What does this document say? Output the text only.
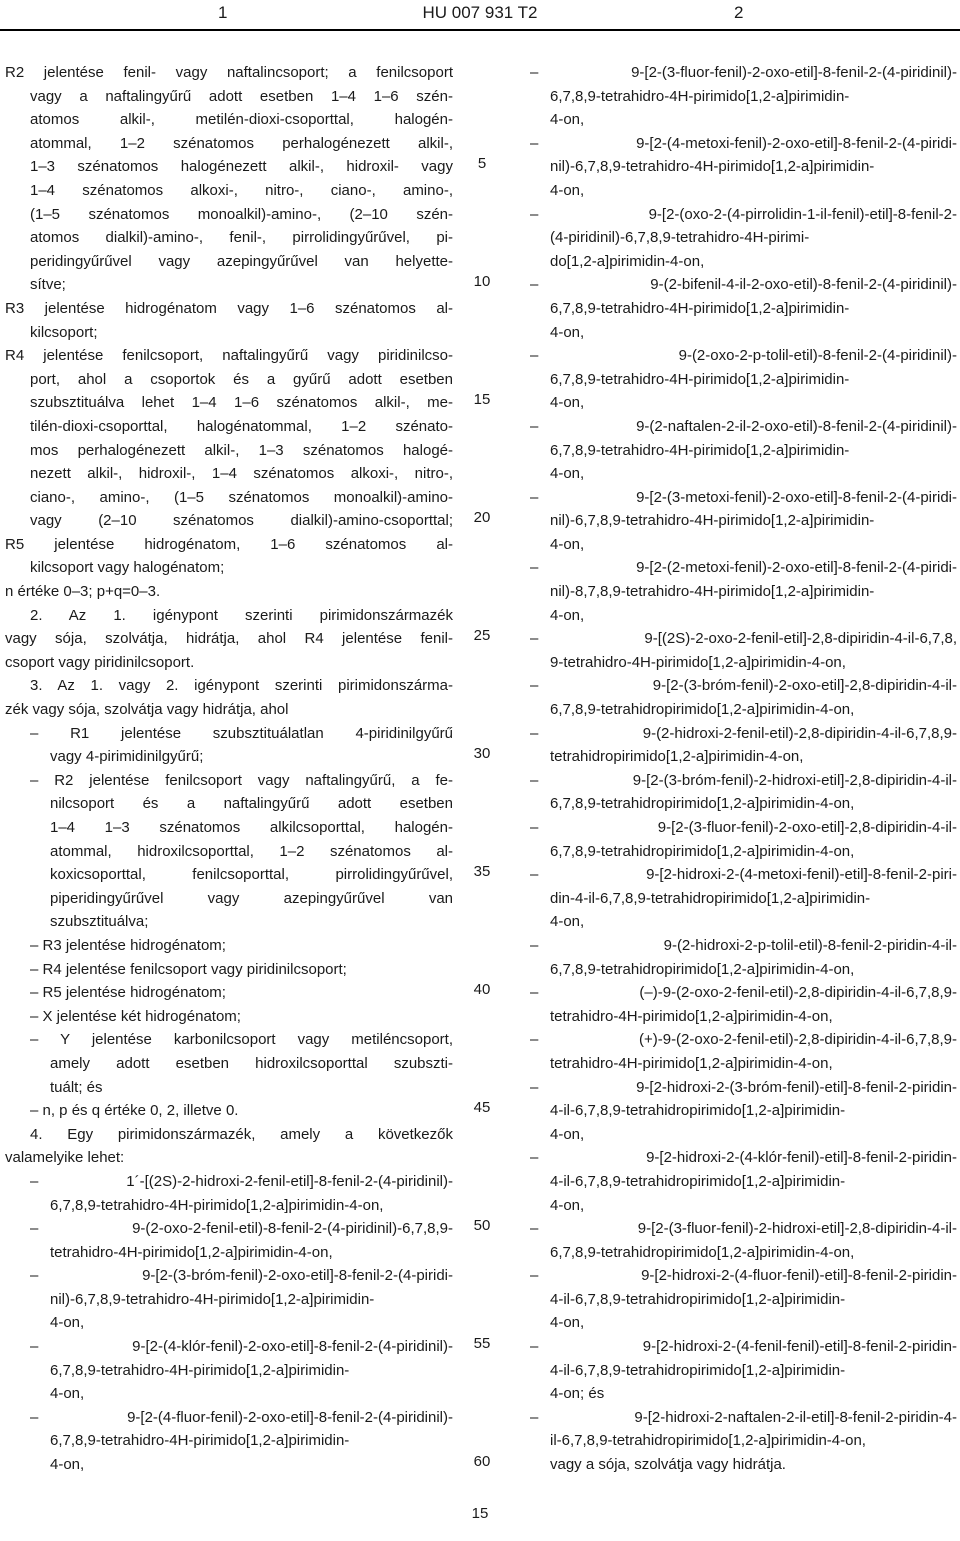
1	HU 007 931 T2	2
R2 jelentése fenil- vagy naftalincsoport; a fenilcsoport
vagy a naftalingyűrű adott esetben 1–4 1–6 szén-
atomos alkil-, metilén-dioxi-csoporttal, halogén-
atommal, 1–2 szénatomos perhalogénezett alkil-,
1–3 szénatomos halogénezett alkil-, hidroxil- vagy
1–4 szénatomos alkoxi-, nitro-, ciano-, amino-,
(1–5 szénatomos monoalkil)-amino-, (2–10 szén-
atomos dialkil)-amino-, fenil-, pirrolidingyűrűvel, pi-
peridingyűrűvel vagy azepingyűrűvel van helyette-
sítve;
R3 jelentése hidrogénatom vagy 1–6 szénatomos al-
kilcsoport;
R4 jelentése fenilcsoport, naftalingyűrű vagy piridinilcso-
port, ahol a csoportok és a gyűrű adott esetben
szubsztituálva lehet 1–4 1–6 szénatomos alkil-, me-
tilén-dioxi-csoporttal, halogénatommal, 1–2 szénato-
mos perhalogénezett alkil-, 1–3 szénatomos halogé-
nezett alkil-, hidroxil-, 1–4 szénatomos alkoxi-, nitro-,
ciano-, amino-, (1–5 szénatomos monoalkil)-amino-
vagy (2–10 szénatomos dialkil)-amino-csoporttal;
R5 jelentése hidrogénatom, 1–6 szénatomos al-
kilcsoport vagy halogénatom;
n értéke 0–3; p+q=0–3.
2. Az 1. igénypont szerinti pirimidonszármazék
vagy sója, szolvátja, hidrátja, ahol R4 jelentése fenil-
csoport vagy piridinilcsoport.
3. Az 1. vagy 2. igénypont szerinti pirimidonszárma-
zék vagy sója, szolvátja vagy hidrátja, ahol
– R1 jelentése szubsztituálatlan 4-piridinilgyűrű
vagy 4-pirimidinilgyűrű;
– R2 jelentése fenilcsoport vagy naftalingyűrű, a fe-
nilcsoport és a naftalingyűrű adott esetben
1–4 1–3 szénatomos alkilcsoporttal, halogén-
atommal, hidroxilcsoporttal, 1–2 szénatomos al-
koxicsoporttal, fenilcsoporttal, pirrolidingyűrűvel,
piperidingyűrűvel vagy azepingyűrűvel van
szubsztituálva;
– R3 jelentése hidrogénatom;
– R4 jelentése fenilcsoport vagy piridinilcsoport;
– R5 jelentése hidrogénatom;
– X jelentése két hidrogénatom;
– Y jelentése karbonilcsoport vagy metiléncsoport,
amely adott esetben hidroxilcsoporttal szubszti-
tuált; és
– n, p és q értéke 0, 2, illetve 0.
4. Egy pirimidonszármazék, amely a következők
valamelyike lehet:
– 1´-[(2S)-2-hidroxi-2-fenil-etil]-8-fenil-2-(4-piridinil)-
6,7,8,9-tetrahidro-4H-pirimido[1,2-a]pirimidin-4-on,
– 9-(2-oxo-2-fenil-etil)-8-fenil-2-(4-piridinil)-6,7,8,9-
tetrahidro-4H-pirimido[1,2-a]pirimidin-4-on,
– 9-[2-(3-bróm-fenil)-2-oxo-etil]-8-fenil-2-(4-piridi-
nil)-6,7,8,9-tetrahidro-4H-pirimido[1,2-a]pirimidin-
4-on,
– 9-[2-(4-klór-fenil)-2-oxo-etil]-8-fenil-2-(4-piridinil)-
6,7,8,9-tetrahidro-4H-pirimido[1,2-a]pirimidin-
4-on,
– 9-[2-(4-fluor-fenil)-2-oxo-etil]-8-fenil-2-(4-piridinil)-
6,7,8,9-tetrahidro-4H-pirimido[1,2-a]pirimidin-
4-on,
– 9-[2-(3-fluor-fenil)-2-oxo-etil]-8-fenil-2-(4-piridinil)-
6,7,8,9-tetrahidro-4H-pirimido[1,2-a]pirimidin-
4-on,
– 9-[2-(4-metoxi-fenil)-2-oxo-etil]-8-fenil-2-(4-piridi-
nil)-6,7,8,9-tetrahidro-4H-pirimido[1,2-a]pirimidin-
4-on,
– 9-[2-(oxo-2-(4-pirrolidin-1-il-fenil)-etil]-8-fenil-2-
(4-piridinil)-6,7,8,9-tetrahidro-4H-pirimi-
do[1,2-a]pirimidin-4-on,
– 9-(2-bifenil-4-il-2-oxo-etil)-8-fenil-2-(4-piridinil)-
6,7,8,9-tetrahidro-4H-pirimido[1,2-a]pirimidin-
4-on,
– 9-(2-oxo-2-p-tolil-etil)-8-fenil-2-(4-piridinil)-
6,7,8,9-tetrahidro-4H-pirimido[1,2-a]pirimidin-
4-on,
– 9-(2-naftalen-2-il-2-oxo-etil)-8-fenil-2-(4-piridinil)-
6,7,8,9-tetrahidro-4H-pirimido[1,2-a]pirimidin-
4-on,
– 9-[2-(3-metoxi-fenil)-2-oxo-etil]-8-fenil-2-(4-piridi-
nil)-6,7,8,9-tetrahidro-4H-pirimido[1,2-a]pirimidin-
4-on,
– 9-[2-(2-metoxi-fenil)-2-oxo-etil]-8-fenil-2-(4-piridi-
nil)-8,7,8,9-tetrahidro-4H-pirimido[1,2-a]pirimidin-
4-on,
– 9-[(2S)-2-oxo-2-fenil-etil]-2,8-dipiridin-4-il-6,7,8,
9-tetrahidro-4H-pirimido[1,2-a]pirimidin-4-on,
– 9-[2-(3-bróm-fenil)-2-oxo-etil]-2,8-dipiridin-4-il-
6,7,8,9-tetrahidropirimido[1,2-a]pirimidin-4-on,
– 9-(2-hidroxi-2-fenil-etil)-2,8-dipiridin-4-il-6,7,8,9-
tetrahidropirimido[1,2-a]pirimidin-4-on,
– 9-[2-(3-bróm-fenil)-2-hidroxi-etil]-2,8-dipiridin-4-il-
6,7,8,9-tetrahidropirimido[1,2-a]pirimidin-4-on,
– 9-[2-(3-fluor-fenil)-2-oxo-etil]-2,8-dipiridin-4-il-
6,7,8,9-tetrahidropirimido[1,2-a]pirimidin-4-on,
– 9-[2-hidroxi-2-(4-metoxi-fenil)-etil]-8-fenil-2-piri-
din-4-il-6,7,8,9-tetrahidropirimido[1,2-a]pirimidin-
4-on,
– 9-(2-hidroxi-2-p-tolil-etil)-8-fenil-2-piridin-4-il-
6,7,8,9-tetrahidropirimido[1,2-a]pirimidin-4-on,
– (–)-9-(2-oxo-2-fenil-etil)-2,8-dipiridin-4-il-6,7,8,9-
tetrahidro-4H-pirimido[1,2-a]pirimidin-4-on,
– (+)-9-(2-oxo-2-fenil-etil)-2,8-dipiridin-4-il-6,7,8,9-
tetrahidro-4H-pirimido[1,2-a]pirimidin-4-on,
– 9-[2-hidroxi-2-(3-bróm-fenil)-etil]-8-fenil-2-piridin-
4-il-6,7,8,9-tetrahidropirimido[1,2-a]pirimidin-
4-on,
– 9-[2-hidroxi-2-(4-klór-fenil)-etil]-8-fenil-2-piridin-
4-il-6,7,8,9-tetrahidropirimido[1,2-a]pirimidin-
4-on,
– 9-[2-(3-fluor-fenil)-2-hidroxi-etil]-2,8-dipiridin-4-il-
6,7,8,9-tetrahidropirimido[1,2-a]pirimidin-4-on,
– 9-[2-hidroxi-2-(4-fluor-fenil)-etil]-8-fenil-2-piridin-
4-il-6,7,8,9-tetrahidropirimido[1,2-a]pirimidin-
4-on,
– 9-[2-hidroxi-2-(4-fenil-fenil)-etil]-8-fenil-2-piridin-
4-il-6,7,8,9-tetrahidropirimido[1,2-a]pirimidin-
4-on; és
– 9-[2-hidroxi-2-naftalen-2-il-etil]-8-fenil-2-piridin-4-
il-6,7,8,9-tetrahidropirimido[1,2-a]pirimidin-4-on,
vagy a sója, szolvátja vagy hidrátja.
5
10
15
20
25
30
35
40
45
50
55
60
15
